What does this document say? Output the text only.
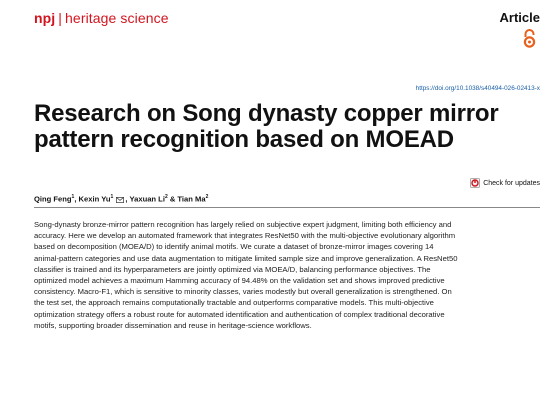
npj | heritage science	Article
https://doi.org/10.1038/s40494-026-02413-x
Research on Song dynasty copper mirror pattern recognition based on MOEAD
Check for updates
Qing Feng$^1$, Kexin Yu$^1$ , Yaxuan Li$^2$ & Tian Ma$^2$

Song-dynasty bronze-mirror pattern recognition has largely relied on subjective expert judgment, limiting both efficiency and accuracy. Here we develop an automated framework that integrates ResNet50 with the multi-objective evolutionary algorithm based on decomposition (MOEA/D) to identify animal motifs. We curate a dataset of bronze-mirror images covering 14 animal-pattern categories and use data augmentation to mitigate limited sample size and improve generalization. A ResNet50 classifier is trained and its hyperparameters are jointly optimized via MOEA/D, balancing performance objectives. The optimized model achieves a maximum Hamming accuracy of 94.48% on the validation set and shows improved predictive consistency. Macro-F1, which is sensitive to minority classes, varies modestly but overall generalization is strengthened. On the test set, the approach remains computationally tractable and outperforms comparative models. This multi-objective optimization strategy offers a robust route for automated identification and authentication of complex traditional decorative motifs, supporting broader dissemination and reuse in heritage-science workflows.
